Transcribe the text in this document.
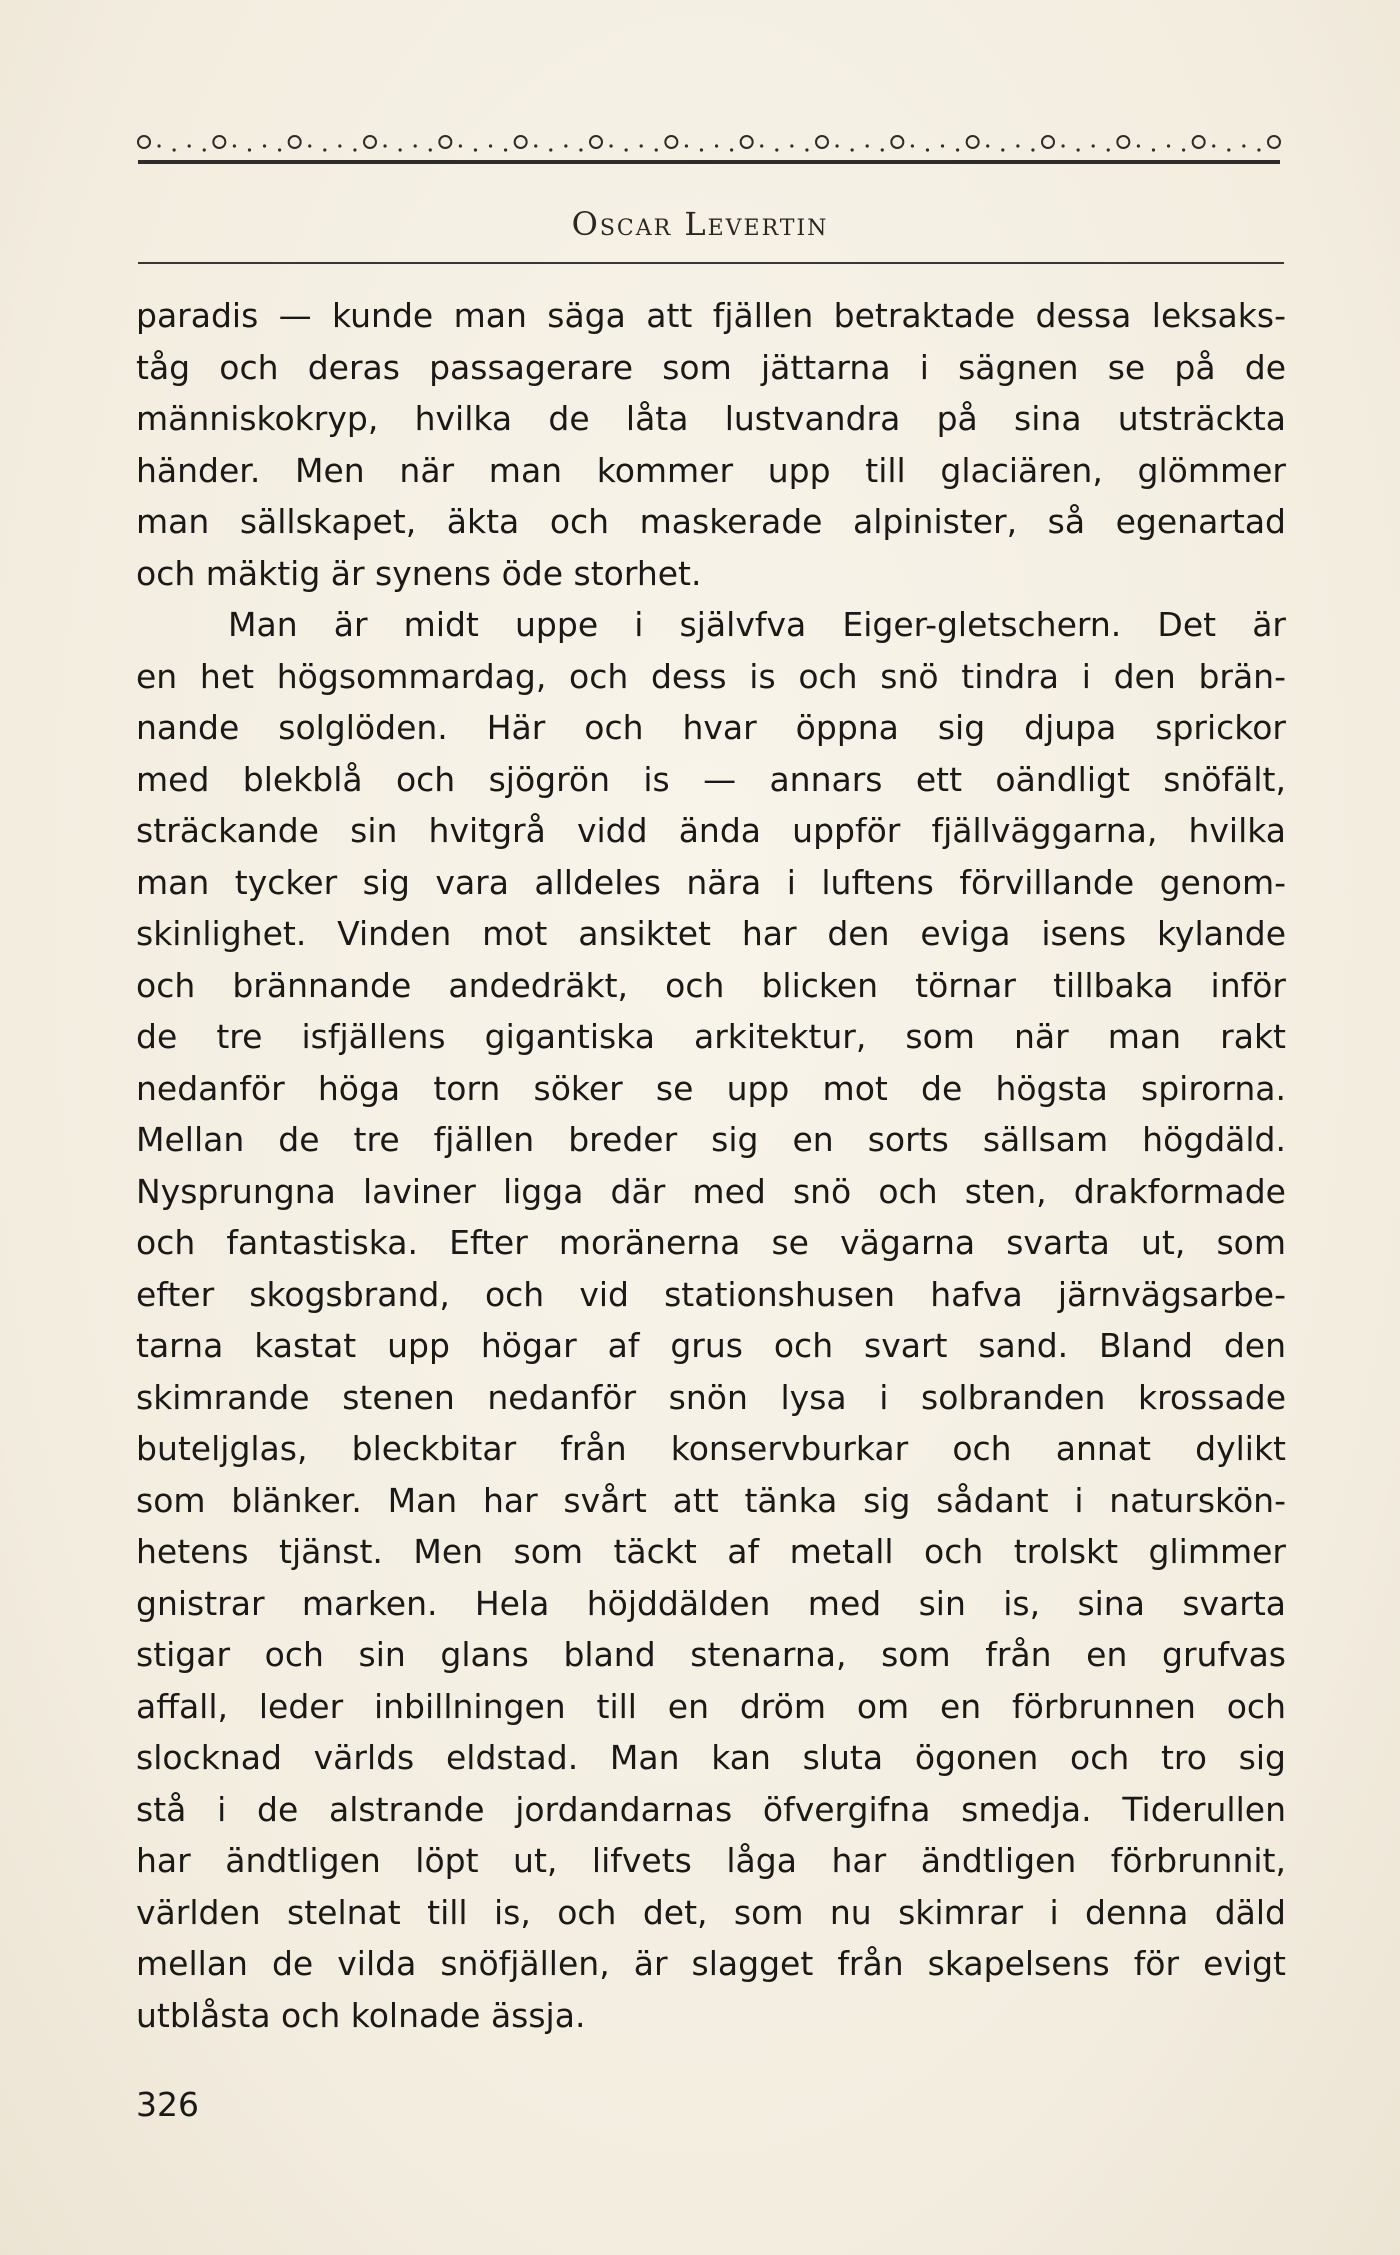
Oscar Levertin
paradis — kunde man säga att fjällen betraktade dessa leksaks-
tåg och deras passagerare som jättarna i sägnen se på de
människokryp, hvilka de låta lustvandra på sina utsträckta
händer. Men när man kommer upp till glaciären, glömmer
man sällskapet, äkta och maskerade alpinister, så egenartad
och mäktig är synens öde storhet.
Man är midt uppe i självfva Eiger-gletschern. Det är
en het högsommardag, och dess is och snö tindra i den brän-
nande solglöden. Här och hvar öppna sig djupa sprickor
med blekblå och sjögrön is — annars ett oändligt snöfält,
sträckande sin hvitgrå vidd ända uppför fjällväggarna, hvilka
man tycker sig vara alldeles nära i luftens förvillande genom-
skinlighet. Vinden mot ansiktet har den eviga isens kylande
och brännande andedräkt, och blicken törnar tillbaka inför
de tre isfjällens gigantiska arkitektur, som när man rakt
nedanför höga torn söker se upp mot de högsta spirorna.
Mellan de tre fjällen breder sig en sorts sällsam högdäld.
Nysprungna laviner ligga där med snö och sten, drakformade
och fantastiska. Efter moränerna se vägarna svarta ut, som
efter skogsbrand, och vid stationshusen hafva järnvägsarbe-
tarna kastat upp högar af grus och svart sand. Bland den
skimrande stenen nedanför snön lysa i solbranden krossade
buteljglas, bleckbitar från konservburkar och annat dylikt
som blänker. Man har svårt att tänka sig sådant i naturskön-
hetens tjänst. Men som täckt af metall och trolskt glimmer
gnistrar marken. Hela höjddälden med sin is, sina svarta
stigar och sin glans bland stenarna, som från en grufvas
affall, leder inbillningen till en dröm om en förbrunnen och
slocknad världs eldstad. Man kan sluta ögonen och tro sig
stå i de alstrande jordandarnas öfvergifna smedja. Tiderullen
har ändtligen löpt ut, lifvets låga har ändtligen förbrunnit,
världen stelnat till is, och det, som nu skimrar i denna däld
mellan de vilda snöfjällen, är slagget från skapelsens för evigt
utblåsta och kolnade ässja.
326
